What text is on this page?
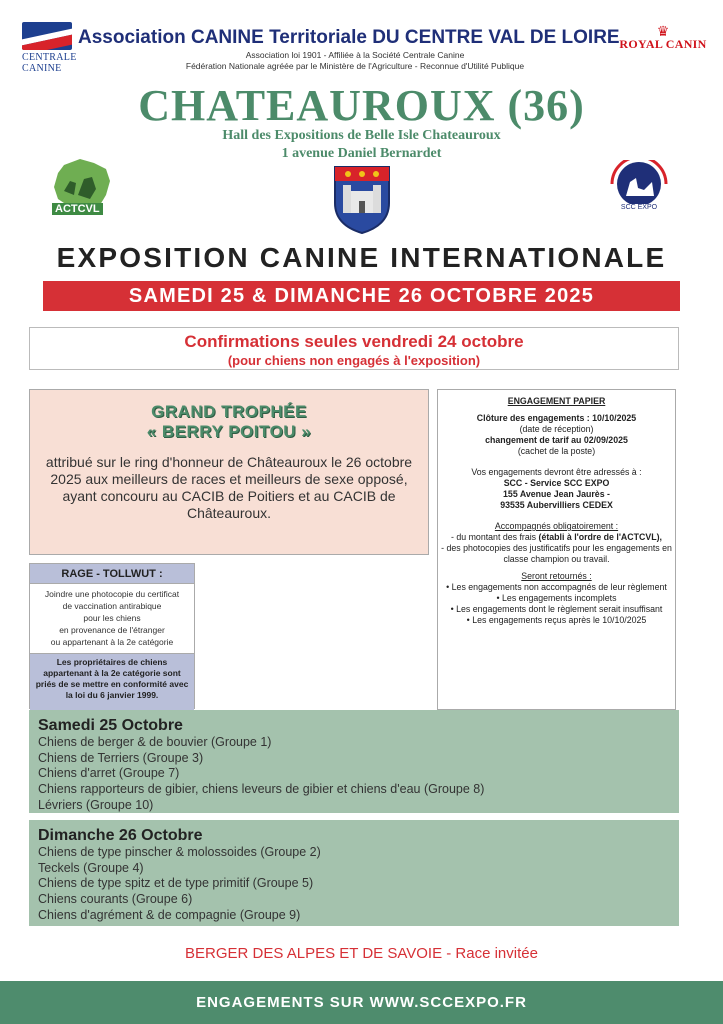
CENTRALE
CANINE
Association CANINE Territoriale DU CENTRE VAL DE LOIRE
Association loi 1901 - Affiliée à la Société Centrale Canine
Fédération Nationale agréée par le Ministère de l'Agriculture - Reconnue d'Utilité Publique
♛
ROYAL CANIN
CHATEAUROUX (36)
Hall des Expositions de Belle Isle Chateauroux
1 avenue Daniel Bernardet
ACTCVL	SCC EXPO
EXPOSITION CANINE INTERNATIONALE
SAMEDI 25 & DIMANCHE 26 OCTOBRE 2025
Confirmations seules vendredi 24 octobre
(pour chiens non engagés à l'exposition)
GRAND TROPHÉE
« BERRY POITOU »
attribué sur le ring d'honneur de Châteauroux le 26 octobre 2025 aux meilleurs de races et meilleurs de sexe opposé, ayant concouru au CACIB de Poitiers et au CACIB de Châteauroux.
RAGE - TOLLWUT :
Joindre une photocopie du certificat
de vaccination antirabique
pour les chiens
en provenance de l'étranger
ou appartenant à la 2e catégorie
Les propriétaires de chiens appartenant à la 2e catégorie sont priés de se mettre en conformité avec la loi du 6 janvier 1999.
ENGAGEMENT PAPIER
Clôture des engagements : 10/10/2025
(date de réception)
changement de tarif au 02/09/2025
(cachet de la poste)
Vos engagements devront être adressés à :
SCC - Service SCC EXPO
155 Avenue Jean Jaurès -
93535 Aubervilliers CEDEX
Accompagnés obligatoirement :
- du montant des frais (établi à l'ordre de l'ACTCVL),
- des photocopies des justificatifs pour les engagements en classe champion ou travail.
Seront retournés :
• Les engagements non accompagnés de leur règlement
• Les engagements incomplets
• Les engagements dont le règlement serait insuffisant
• Les engagements reçus après le 10/10/2025
Samedi 25 Octobre
Chiens de berger & de bouvier (Groupe 1)
Chiens de Terriers (Groupe 3)
Chiens d'arret (Groupe 7)
Chiens rapporteurs de gibier, chiens leveurs de gibier et chiens d'eau (Groupe 8)
Lévriers (Groupe 10)
Dimanche 26 Octobre
Chiens de type pinscher & molossoides (Groupe 2)
Teckels (Groupe 4)
Chiens de type spitz et de type primitif (Groupe 5)
Chiens courants (Groupe 6)
Chiens d'agrément & de compagnie (Groupe 9)
BERGER DES ALPES ET DE SAVOIE - Race invitée
ENGAGEMENTS SUR WWW.SCCEXPO.FR
